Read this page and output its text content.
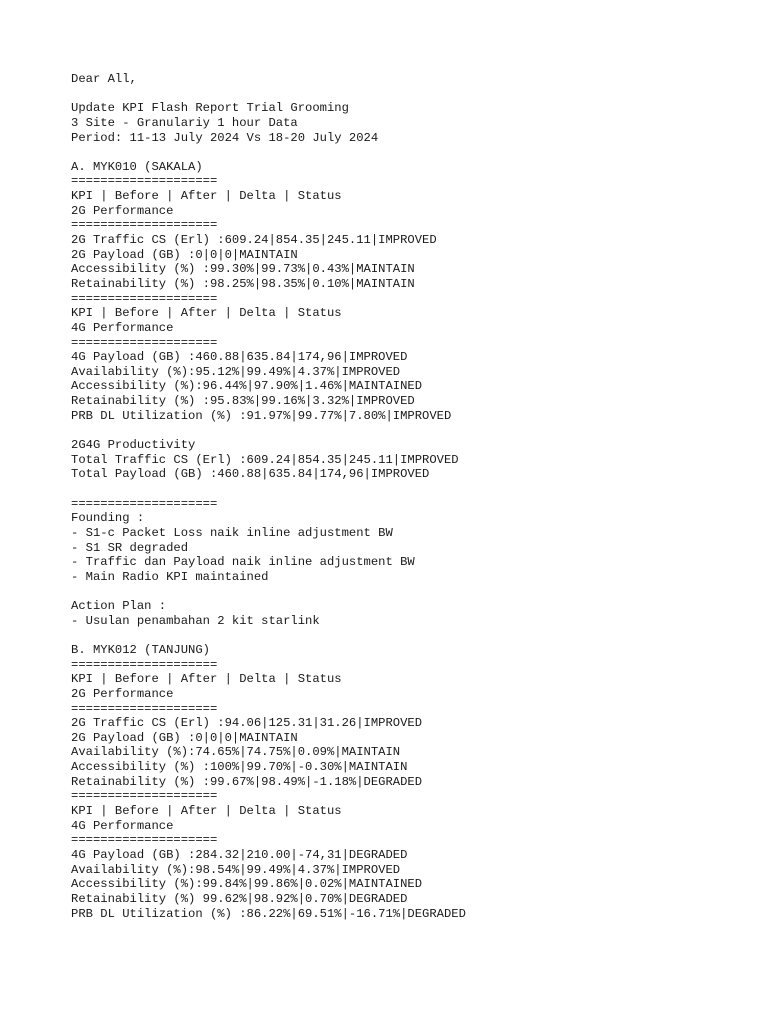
Dear All,
Update KPI Flash Report Trial Grooming
3 Site - Granulariy 1 hour Data
Period: 11-13 July 2024 Vs 18-20 July 2024
A. MYK010 (SAKALA)
====================
KPI | Before | After | Delta | Status
2G Performance
====================
2G Traffic CS (Erl) :609.24|854.35|245.11|IMPROVED
2G Payload (GB) :0|0|0|MAINTAIN
Accessibility (%) :99.30%|99.73%|0.43%|MAINTAIN
Retainability (%) :98.25%|98.35%|0.10%|MAINTAIN
====================
KPI | Before | After | Delta | Status
4G Performance
====================
4G Payload (GB) :460.88|635.84|174,96|IMPROVED
Availability (%):95.12%|99.49%|4.37%|IMPROVED
Accessibility (%):96.44%|97.90%|1.46%|MAINTAINED
Retainability (%) :95.83%|99.16%|3.32%|IMPROVED
PRB DL Utilization (%) :91.97%|99.77%|7.80%|IMPROVED
2G4G Productivity
Total Traffic CS (Erl) :609.24|854.35|245.11|IMPROVED
Total Payload (GB) :460.88|635.84|174,96|IMPROVED
====================
Founding :
- S1-c Packet Loss naik inline adjustment BW
- S1 SR degraded
- Traffic dan Payload naik inline adjustment BW
- Main Radio KPI maintained
Action Plan :
- Usulan penambahan 2 kit starlink
B. MYK012 (TANJUNG)
====================
KPI | Before | After | Delta | Status
2G Performance
====================
2G Traffic CS (Erl) :94.06|125.31|31.26|IMPROVED
2G Payload (GB) :0|0|0|MAINTAIN
Availability (%):74.65%|74.75%|0.09%|MAINTAIN
Accessibility (%) :100%|99.70%|-0.30%|MAINTAIN
Retainability (%) :99.67%|98.49%|-1.18%|DEGRADED
====================
KPI | Before | After | Delta | Status
4G Performance
====================
4G Payload (GB) :284.32|210.00|-74,31|DEGRADED
Availability (%):98.54%|99.49%|4.37%|IMPROVED
Accessibility (%):99.84%|99.86%|0.02%|MAINTAINED
Retainability (%) 99.62%|98.92%|0.70%|DEGRADED
PRB DL Utilization (%) :86.22%|69.51%|-16.71%|DEGRADED
